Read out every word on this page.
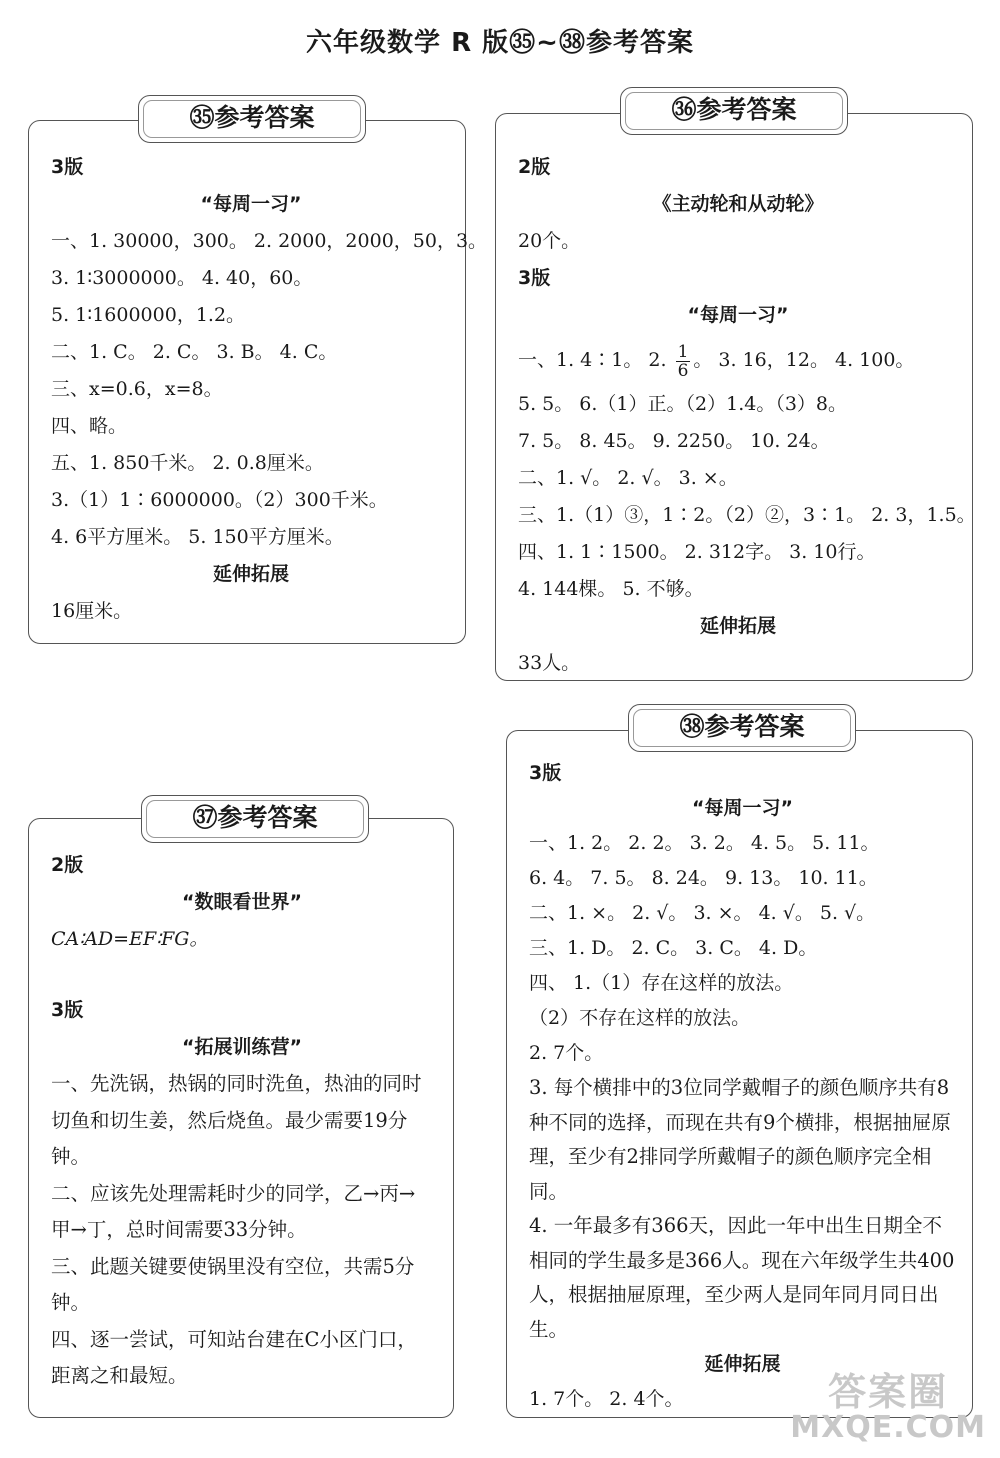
六年级数学 R 版㉟~㊳参考答案
3版
“每周一习”
一、1. 30000，300。 2. 2000，2000，50，3。
3. 1∶3000000。 4. 40，60。
5. 1∶1600000，1.2。
二、1. C。 2. C。 3. B。 4. C。
三、x=0.6，x=8。
四、略。
五、1. 850千米。 2. 0.8厘米。
3.（1）1∶6000000。（2）300千米。
4. 6平方厘米。 5. 150平方厘米。
延伸拓展
16厘米。
㉟参考答案
2版
《主动轮和从动轮》
20个。
3版
“每周一习”
一、1. 4∶1。 2. $\frac{1}{6}$ 。 3. 16，12。 4. 100。
5. 5。 6.（1）正。（2）1.4。（3）8。
7. 5。 8. 45。 9. 2250。 10. 24。
二、1. √。 2. √。 3. ×。
三、1.（1）③，1∶2。（2）②，3∶1。 2. 3，1.5。
四、1. 1∶1500。 2. 312字。 3. 10行。
4. 144棵。 5. 不够。
延伸拓展
33人。
㊱参考答案
2版
“数眼看世界”
CA∶AD=EF∶FG。
3版
“拓展训练营”
一、先洗锅，热锅的同时洗鱼，热油的同时切鱼和切生姜，然后烧鱼。最少需要19分钟。
二、应该先处理需耗时少的同学，乙→丙→甲→丁，总时间需要33分钟。
三、此题关键要使锅里没有空位，共需5分钟。
四、逐一尝试，可知站台建在C小区门口，距离之和最短。
㊲参考答案
3版
“每周一习”
一、1. 2。 2. 2。 3. 2。 4. 5。 5. 11。
6. 4。 7. 5。 8. 24。 9. 13。 10. 11。
二、1. ×。 2. √。 3. ×。 4. √。 5. √。
三、1. D。 2. C。 3. C。 4. D。
四、 1.（1）存在这样的放法。
（2）不存在这样的放法。
2. 7个。
3. 每个横排中的3位同学戴帽子的颜色顺序共有8种不同的选择，而现在共有9个横排，根据抽屉原理，至少有2排同学所戴帽子的颜色顺序完全相同。
4. 一年最多有366天，因此一年中出生日期全不相同的学生最多是366人。现在六年级学生共400人，根据抽屉原理，至少两人是同年同月同日出生。
延伸拓展
1. 7个。 2. 4个。
㊳参考答案
答案圈
MXQE.COM
